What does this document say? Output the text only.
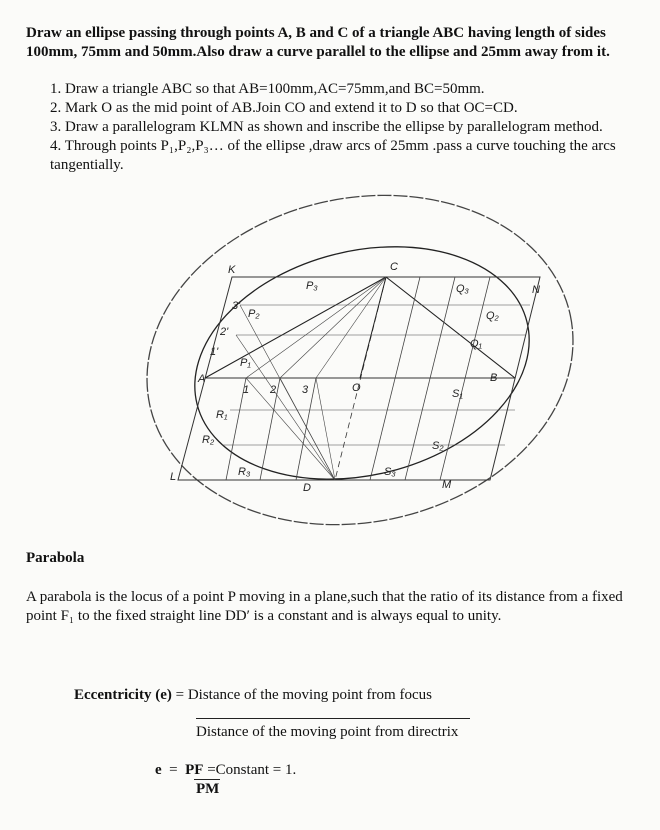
Draw an ellipse passing through points A, B and C of a triangle ABC having length of sides 100mm, 75mm and 50mm.Also draw a curve parallel to the ellipse and 25mm away from it.
1. Draw a triangle ABC so that AB=100mm,AC=75mm,and BC=50mm.
2. Mark O as the mid point of AB.Join CO and extend it to D so that OC=CD.
3. Draw a parallelogram KLMN as shown and inscribe the ellipse by parallelogram method.
4. Through points P₁,P₂,P₃… of the ellipse ,draw arcs of 25mm .pass a curve touching the arcs tangentially.
K
N
L
M
A	B
C
D
O
P₁
P₂
P₃
Q₁
Q₂
Q₃
R₁
R₂
R₃
S₁
S₂
S₃
1 2 3
1'
2'
3'
Parabola
A parabola is the locus of a point P moving in a plane,such that the ratio of its distance from a fixed point F₁ to the fixed straight line DD′ is a constant and is always equal to unity.
Eccentricity (e) = Distance of the moving point from focus
Distance of the moving point from directrix
e = PF =Constant = 1.
PM
